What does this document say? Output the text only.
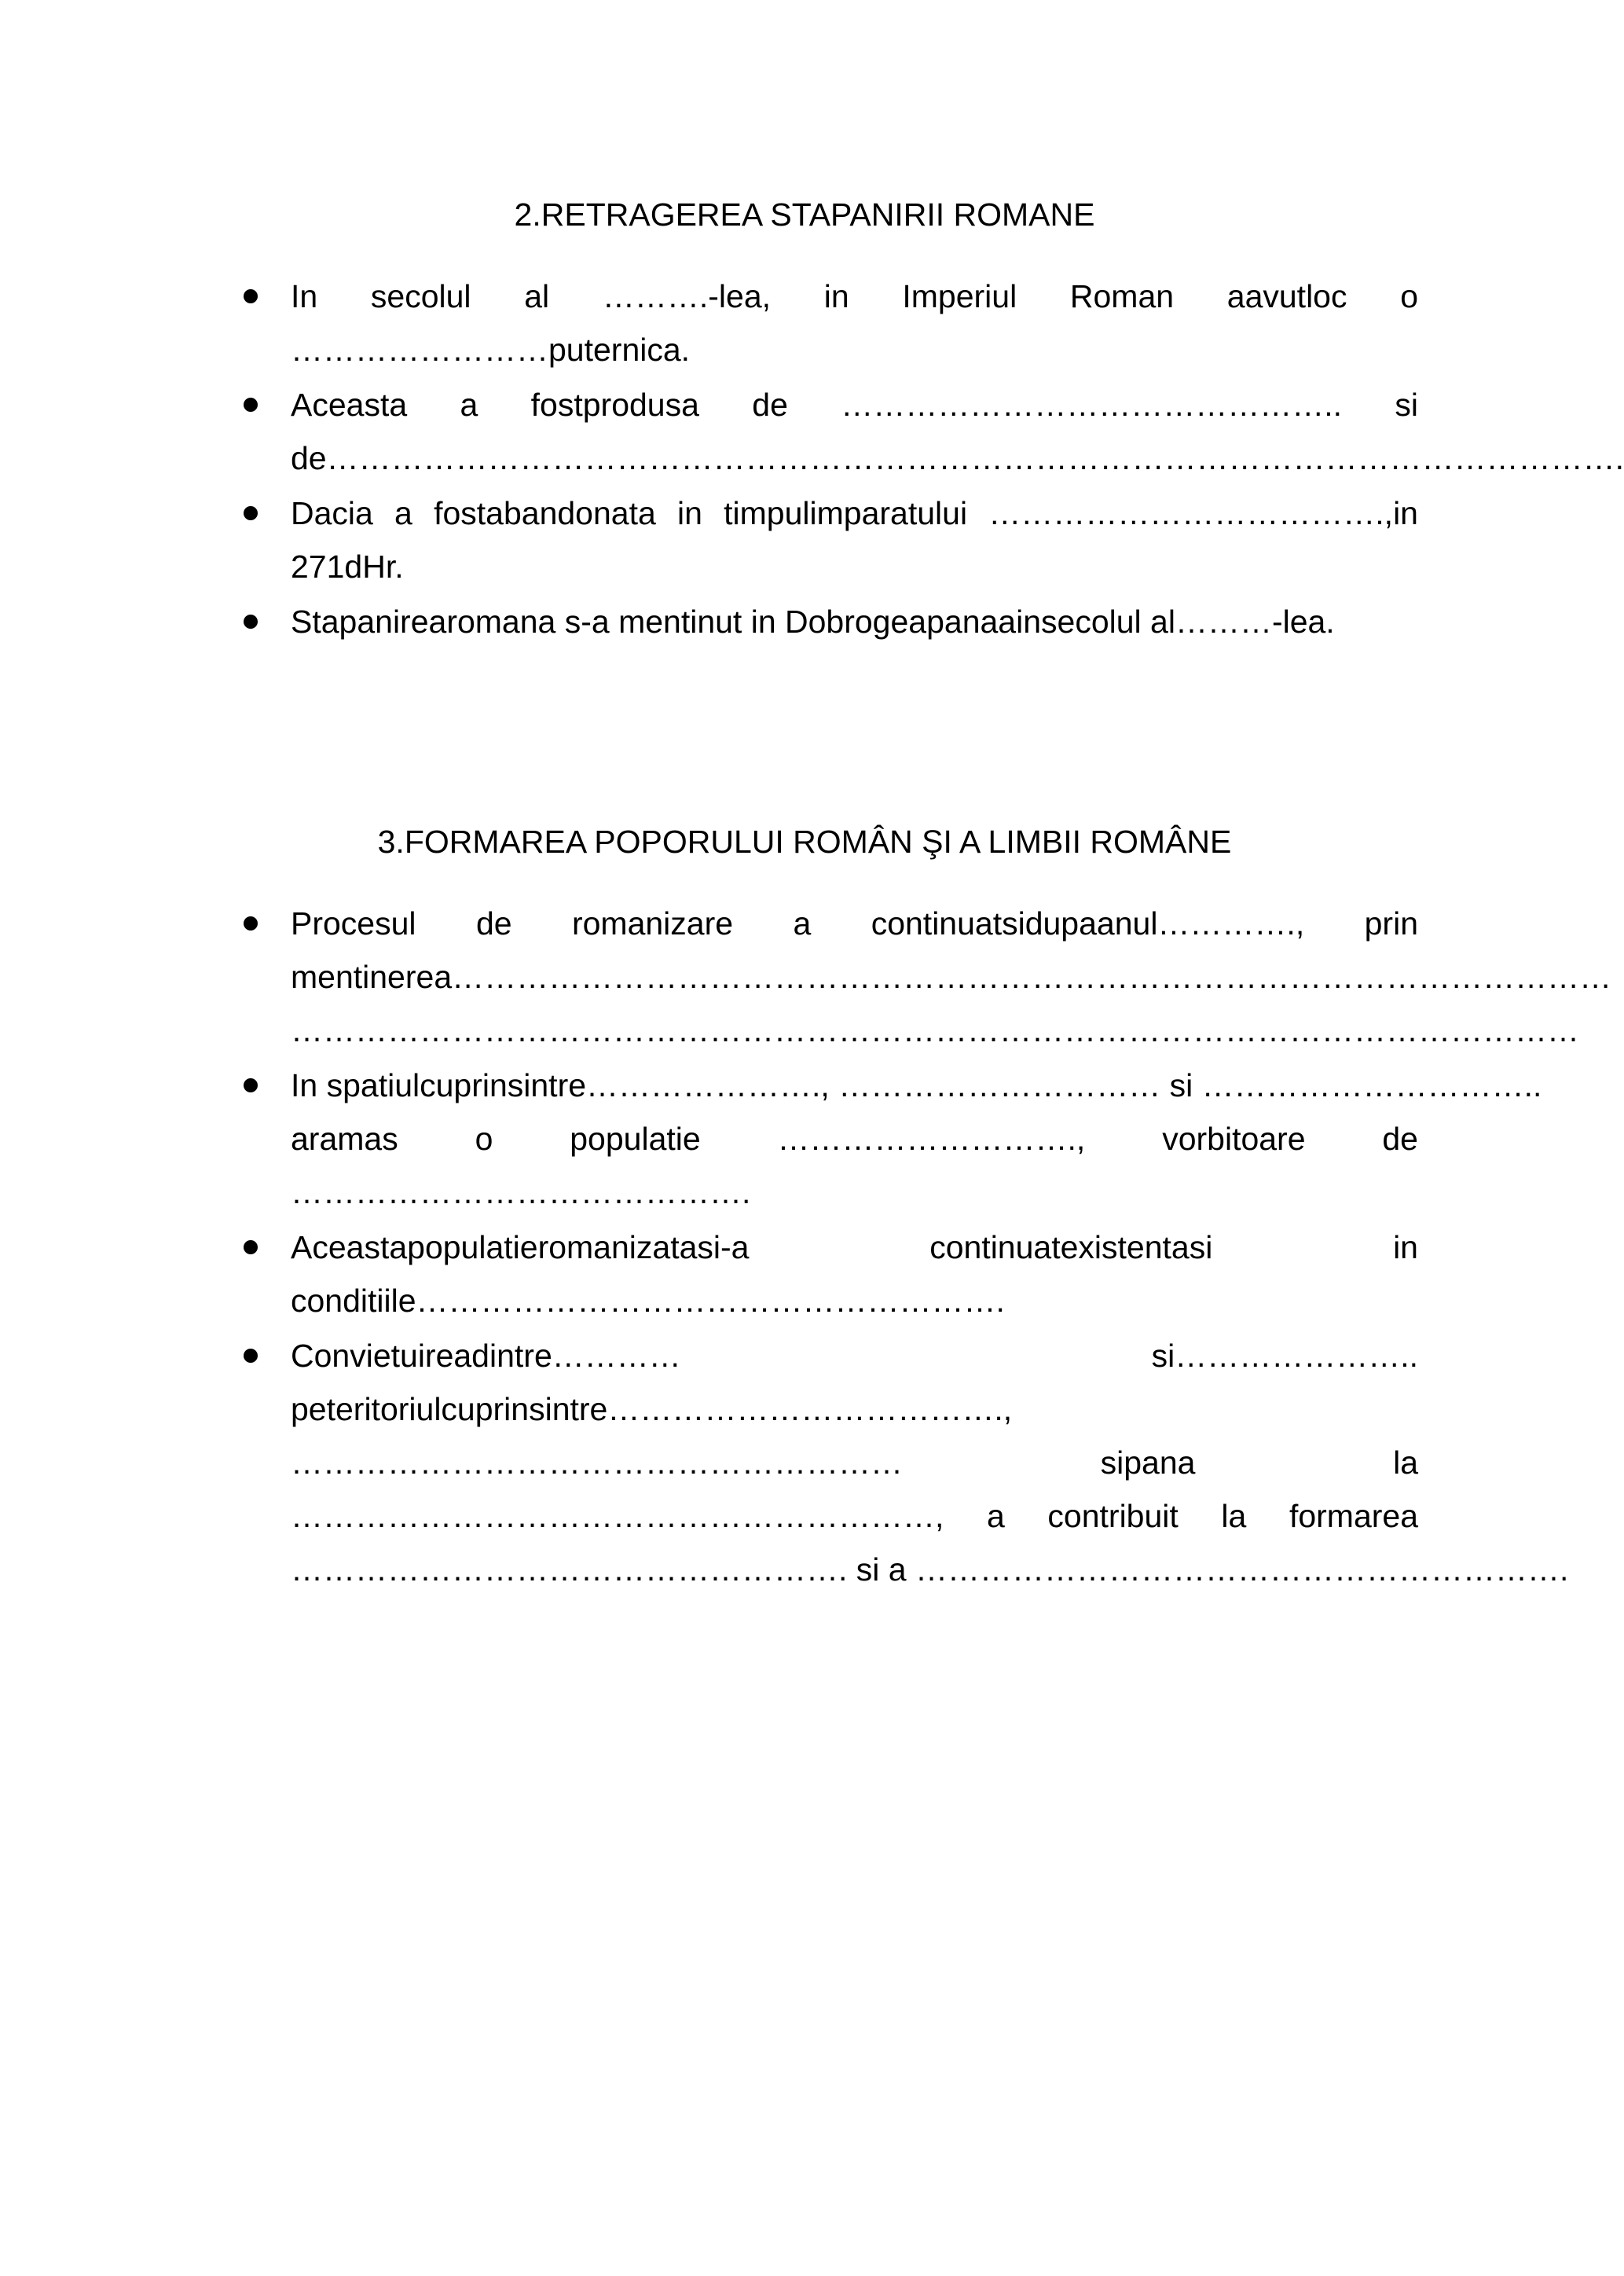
2.RETRAGEREA STAPANIRII ROMANE
In secolul al ……….-lea, in Imperiul Roman aavutloc o
……………………puternica.
Aceasta a fostprodusa de ……………………………………….. si
de………………………………………………………………………………………………………….
Dacia a fostabandonata in timpulimparatului ……………………………….,in
271dHr.
Stapanirearomana s-a mentinut in Dobrogeapanaainsecolul al………-lea.
3.FORMAREA POPORULUI ROMÂN ŞI A LIMBII ROMÂNE
Procesul de romanizare a continuatsidupaanul…………., prin
mentinerea………………………………………………………………………………………………
…………………………………………………………………………………………………………
In spatiulcuprinsintre…………………., ………………………… si …………………………..
aramas o populatie ………………………., vorbitoare de
…………………………………….
Aceastapopulatieromanizatasi-a continuatexistentasi in
conditiile……………………………………………….
Convietuireadintre………… si…………………..
peteritoriulcuprinsintre……………………………….,
………………………………………………… sipana la
……………………………………………………, a contribuit la formarea
……………………………………………. si a …………………………………………………….
